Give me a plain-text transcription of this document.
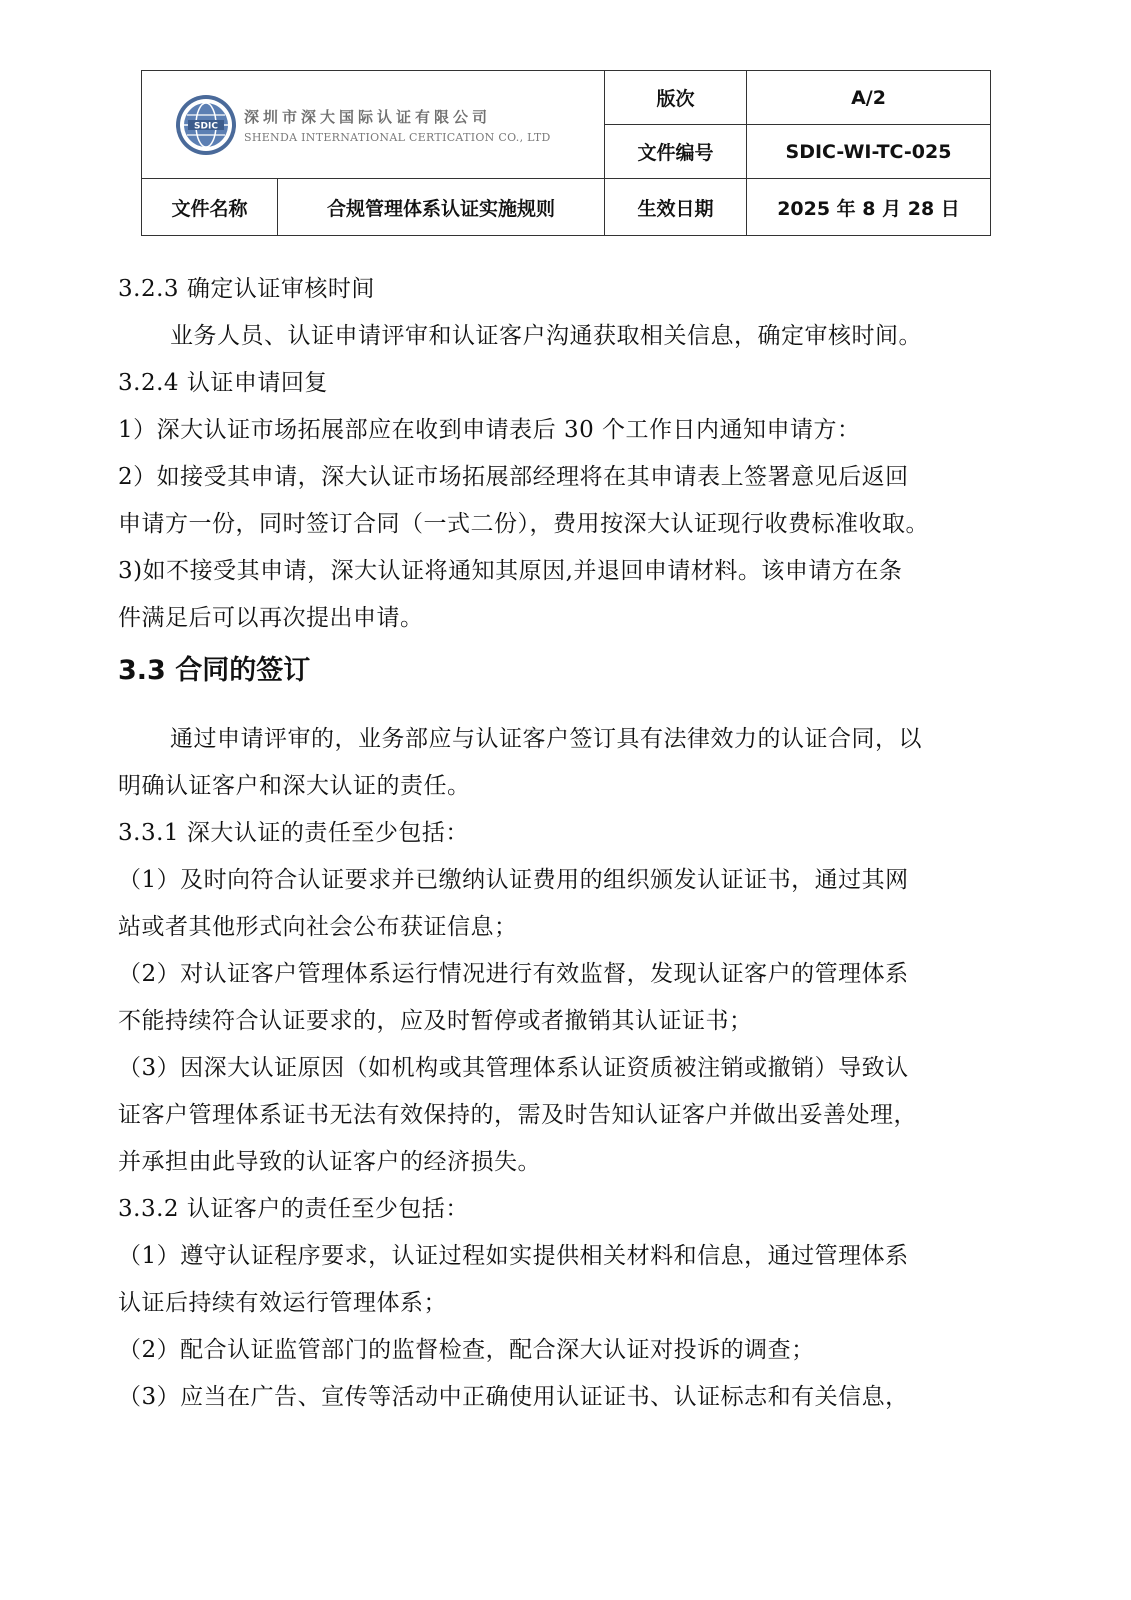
SDIC
深圳市深大国际认证有限公司
SHENDA INTERNATIONAL CERTICATION CO., LTD		版次	A/2
		文件编号	SDIC-WI-TC-025
文件名称	合规管理体系认证实施规则	生效日期	2025 年 8 月 28 日
3.2.3 确定认证审核时间
业务人员、认证申请评审和认证客户沟通获取相关信息，确定审核时间。
3.2.4 认证申请回复
1）深大认证市场拓展部应在收到申请表后 30 个工作日内通知申请方：
2）如接受其申请，深大认证市场拓展部经理将在其申请表上签署意见后返回
申请方一份，同时签订合同（一式二份），费用按深大认证现行收费标准收取。
3)如不接受其申请，深大认证将通知其原因,并退回申请材料。该申请方在条
件满足后可以再次提出申请。
3.3 合同的签订
通过申请评审的，业务部应与认证客户签订具有法律效力的认证合同，以
明确认证客户和深大认证的责任。
3.3.1 深大认证的责任至少包括：
（1）及时向符合认证要求并已缴纳认证费用的组织颁发认证证书，通过其网
站或者其他形式向社会公布获证信息；
（2）对认证客户管理体系运行情况进行有效监督，发现认证客户的管理体系
不能持续符合认证要求的，应及时暂停或者撤销其认证证书；
（3）因深大认证原因（如机构或其管理体系认证资质被注销或撤销）导致认
证客户管理体系证书无法有效保持的，需及时告知认证客户并做出妥善处理，
并承担由此导致的认证客户的经济损失。
3.3.2 认证客户的责任至少包括：
（1）遵守认证程序要求，认证过程如实提供相关材料和信息，通过管理体系
认证后持续有效运行管理体系；
（2）配合认证监管部门的监督检查，配合深大认证对投诉的调查；
（3）应当在广告、宣传等活动中正确使用认证证书、认证标志和有关信息，
